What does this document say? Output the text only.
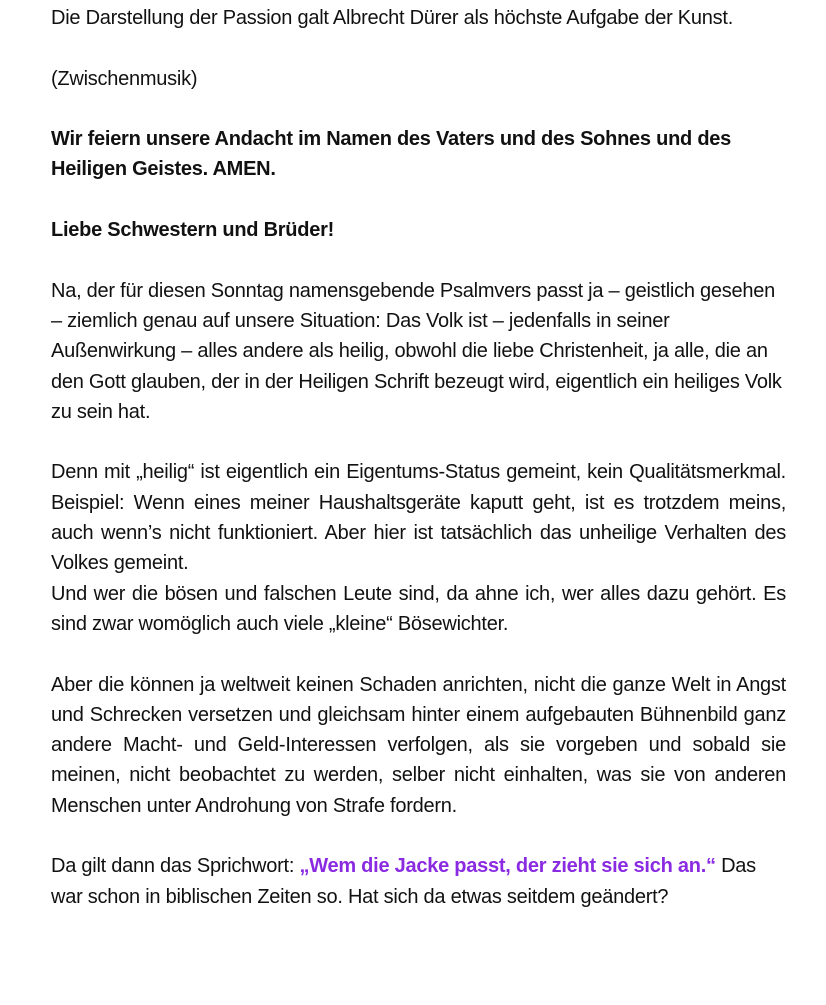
Die Darstellung der Passion galt Albrecht Dürer als höchste Aufgabe der Kunst.

(Zwischenmusik)

Wir feiern unsere Andacht im Namen des Vaters und des Sohnes und des Heiligen Geistes. AMEN.

Liebe Schwestern und Brüder!

Na, der für diesen Sonntag namensgebende Psalmvers passt ja – geistlich gesehen – ziemlich genau auf unsere Situation: Das Volk ist – jedenfalls in seiner Außenwirkung – alles andere als heilig, obwohl die liebe Christenheit, ja alle, die an den Gott glauben, der in der Heiligen Schrift bezeugt wird, eigentlich ein heiliges Volk zu sein hat.

Denn mit „heilig“ ist eigentlich ein Eigentums-Status gemeint, kein Qualitätsmerkmal. Beispiel: Wenn eines meiner Haushaltsgeräte kaputt geht, ist es trotzdem meins, auch wenn’s nicht funktioniert. Aber hier ist tatsächlich das unheilige Verhalten des Volkes gemeint.

Und wer die bösen und falschen Leute sind, da ahne ich, wer alles dazu gehört. Es sind zwar womöglich auch viele „kleine“ Bösewichter.

Aber die können ja weltweit keinen Schaden anrichten, nicht die ganze Welt in Angst und Schrecken versetzen und gleichsam hinter einem aufgebauten Bühnenbild ganz andere Macht- und Geld-Interessen verfolgen, als sie vorgeben und sobald sie meinen, nicht beobachtet zu werden, selber nicht einhalten, was sie von anderen Menschen unter Androhung von Strafe fordern.

Da gilt dann das Sprichwort: „Wem die Jacke passt, der zieht sie sich an.“ Das war schon in biblischen Zeiten so. Hat sich da etwas seitdem geändert?
